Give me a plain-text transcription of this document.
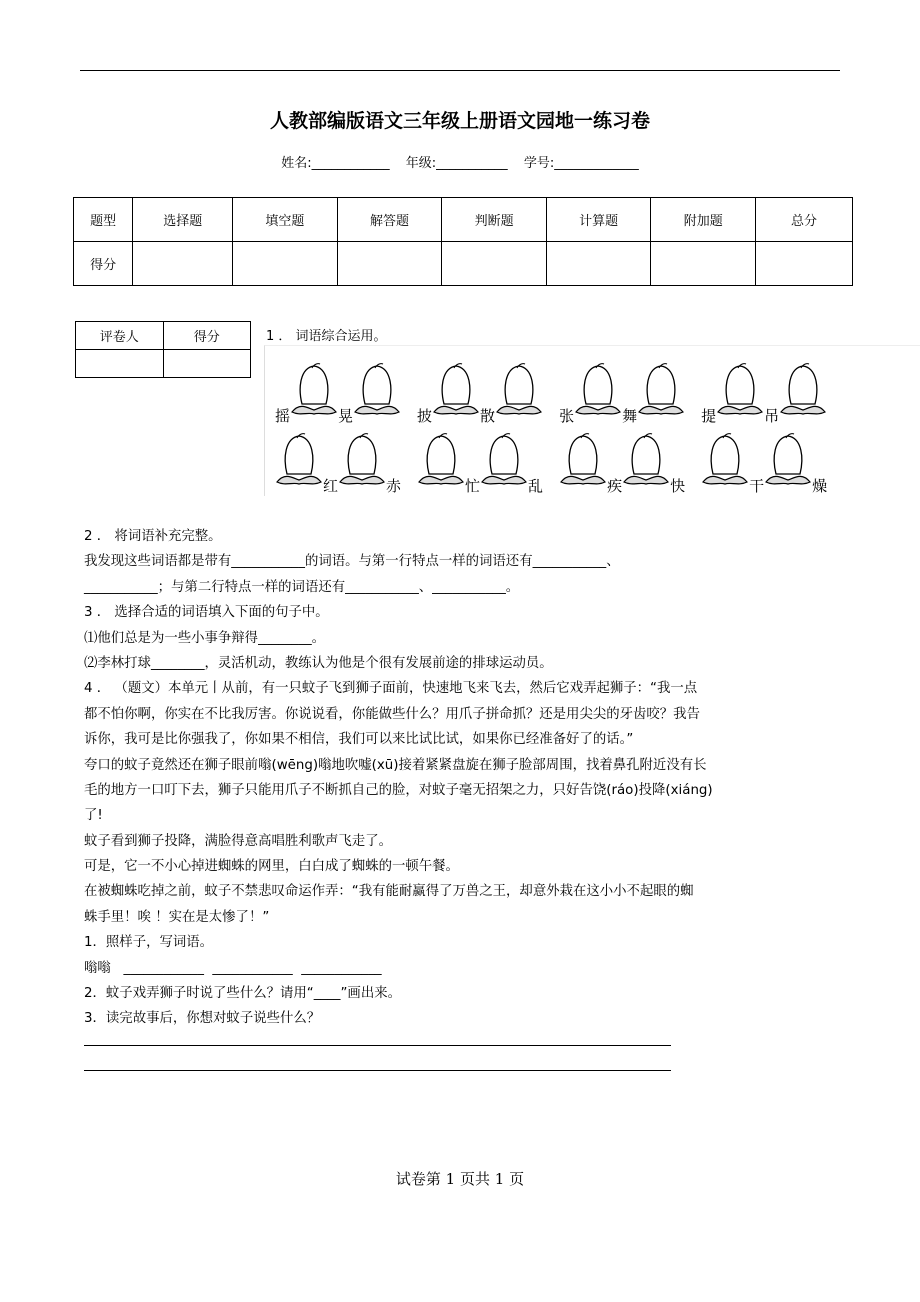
人教部编版语文三年级上册语文园地一练习卷
姓名:____________ 年级:___________ 学号:_____________
题型	选择题	填空题	解答题	判断题	计算题	附加题	总分
得分							
评卷人	得分
		1 ． 词语综合运用。
摇	晃	披	散	张	舞	提	吊
红	赤	忙	乱	疾	快	干	燥
2 ． 将词语补充完整。
我发现这些词语都是带有___________的词语。与第一行特点一样的词语还有___________、
___________；与第二行特点一样的词语还有___________、___________。
3 ． 选择合适的词语填入下面的句子中。
⑴他们总是为一些小事争辩得________。
⑵李林打球________，灵活机动，教练认为他是个很有发展前途的排球运动员。
4 ． （题文）本单元丨从前，有一只蚊子飞到狮子面前，快速地飞来飞去，然后它戏弄起狮子：“我一点
都不怕你啊，你实在不比我厉害。你说说看，你能做些什么？用爪子拼命抓？还是用尖尖的牙齿咬？我告
诉你，我可是比你强我了，你如果不相信，我们可以来比试比试，如果你已经准备好了的话。”
夸口的蚊子竟然还在狮子眼前嗡(wēng)嗡地吹嘘(xū)接着紧紧盘旋在狮子脸部周围，找着鼻孔附近没有长
毛的地方一口叮下去，狮子只能用爪子不断抓自己的脸，对蚊子毫无招架之力，只好告饶(ráo)投降(xiáng)
了!
蚊子看到狮子投降，满脸得意高唱胜利歌声飞走了。
可是，它一不小心掉进蜘蛛的网里，白白成了蜘蛛的一顿午餐。
在被蜘蛛吃掉之前，蚊子不禁悲叹命运作弄：“我有能耐赢得了万兽之王，却意外栽在这小小不起眼的蜘
蛛手里！唉 ！实在是太惨了！”
1．照样子，写词语。
嗡嗡   ____________  ____________  ____________
2．蚊子戏弄狮子时说了些什么？请用“____”画出来。
3．读完故事后，你想对蚊子说些什么？
试卷第 1 页共 1 页
